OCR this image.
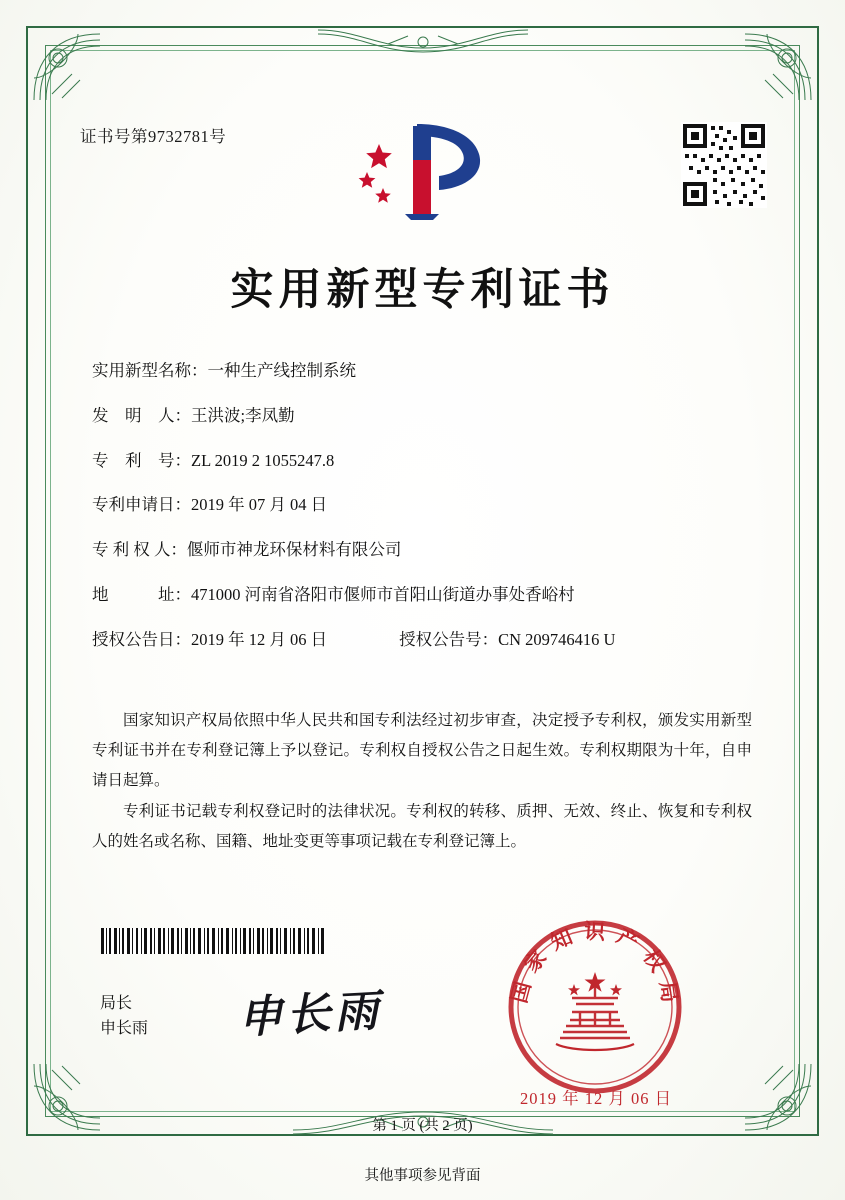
证书号第9732781号
实用新型专利证书
实用新型名称： 一种生产线控制系统
发　明　人： 王洪波;李凤勤
专　利　号： ZL 2019 2 1055247.8
专利申请日： 2019 年 07 月 04 日
专 利 权 人： 偃师市神龙环保材料有限公司
地　　　址： 471000 河南省洛阳市偃师市首阳山街道办事处香峪村
授权公告日： 2019 年 12 月 06 日	授权公告号： CN 209746416 U

国家知识产权局依照中华人民共和国专利法经过初步审查，决定授予专利权，颁发实用新型专利证书并在专利登记簿上予以登记。专利权自授权公告之日起生效。专利权期限为十年，自申请日起算。

专利证书记载专利权登记时的法律状况。专利权的转移、质押、无效、终止、恢复和专利权人的姓名或名称、国籍、地址变更等事项记载在专利登记簿上。

局长
申长雨 申长雨	国家知识产权局
2019 年 12 月 06 日
第 1 页 (共 2 页)
其他事项参见背面
